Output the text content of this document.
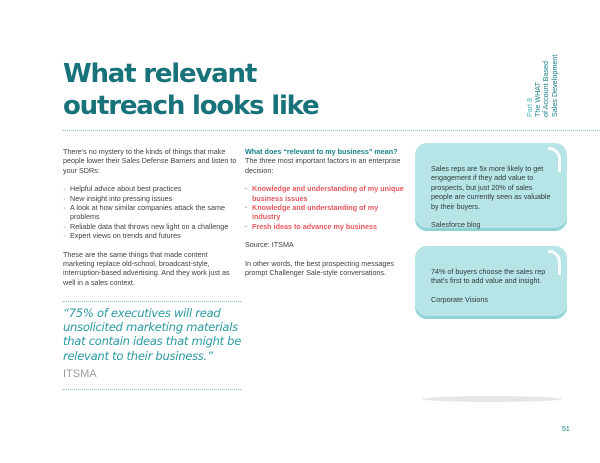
What relevant
outreach looks like	Part 8 The WHAT of Account Based Sales Development

There's no mystery to the kinds of things that make people lower their Sales Defense Barriers and listen to your SDRs:

· Helpful advice about best practices
· New insight into pressing issues
· A look at how similar companies attack the same problems
· Reliable data that throws new light on a challenge
· Expert views on trends and futures

These are the same things that made content marketing replace old-school, broadcast-style, interruption-based advertising. And they work just as well in a sales context.

“75% of executives will read unsolicited marketing materials that contain ideas that might be relevant to their business.”
ITSMA

What does “relevant to my business” mean?

The three most important factors in an enterprise decision:

· Knowledge and understanding of my unique business issues
· Knowledge and understanding of my industry
· Fresh ideas to advance my business

Source: ITSMA

In other words, the best prospecting messages prompt Challenger Sale-style conversations.

Sales reps are 5x more likely to get engagement if they add value to prospects, but just 20% of sales people are currently seen as valuable by their buyers.

Salesforce blog

74% of buyers choose the sales rep that's first to add value and insight.

Corporate Visions

51
